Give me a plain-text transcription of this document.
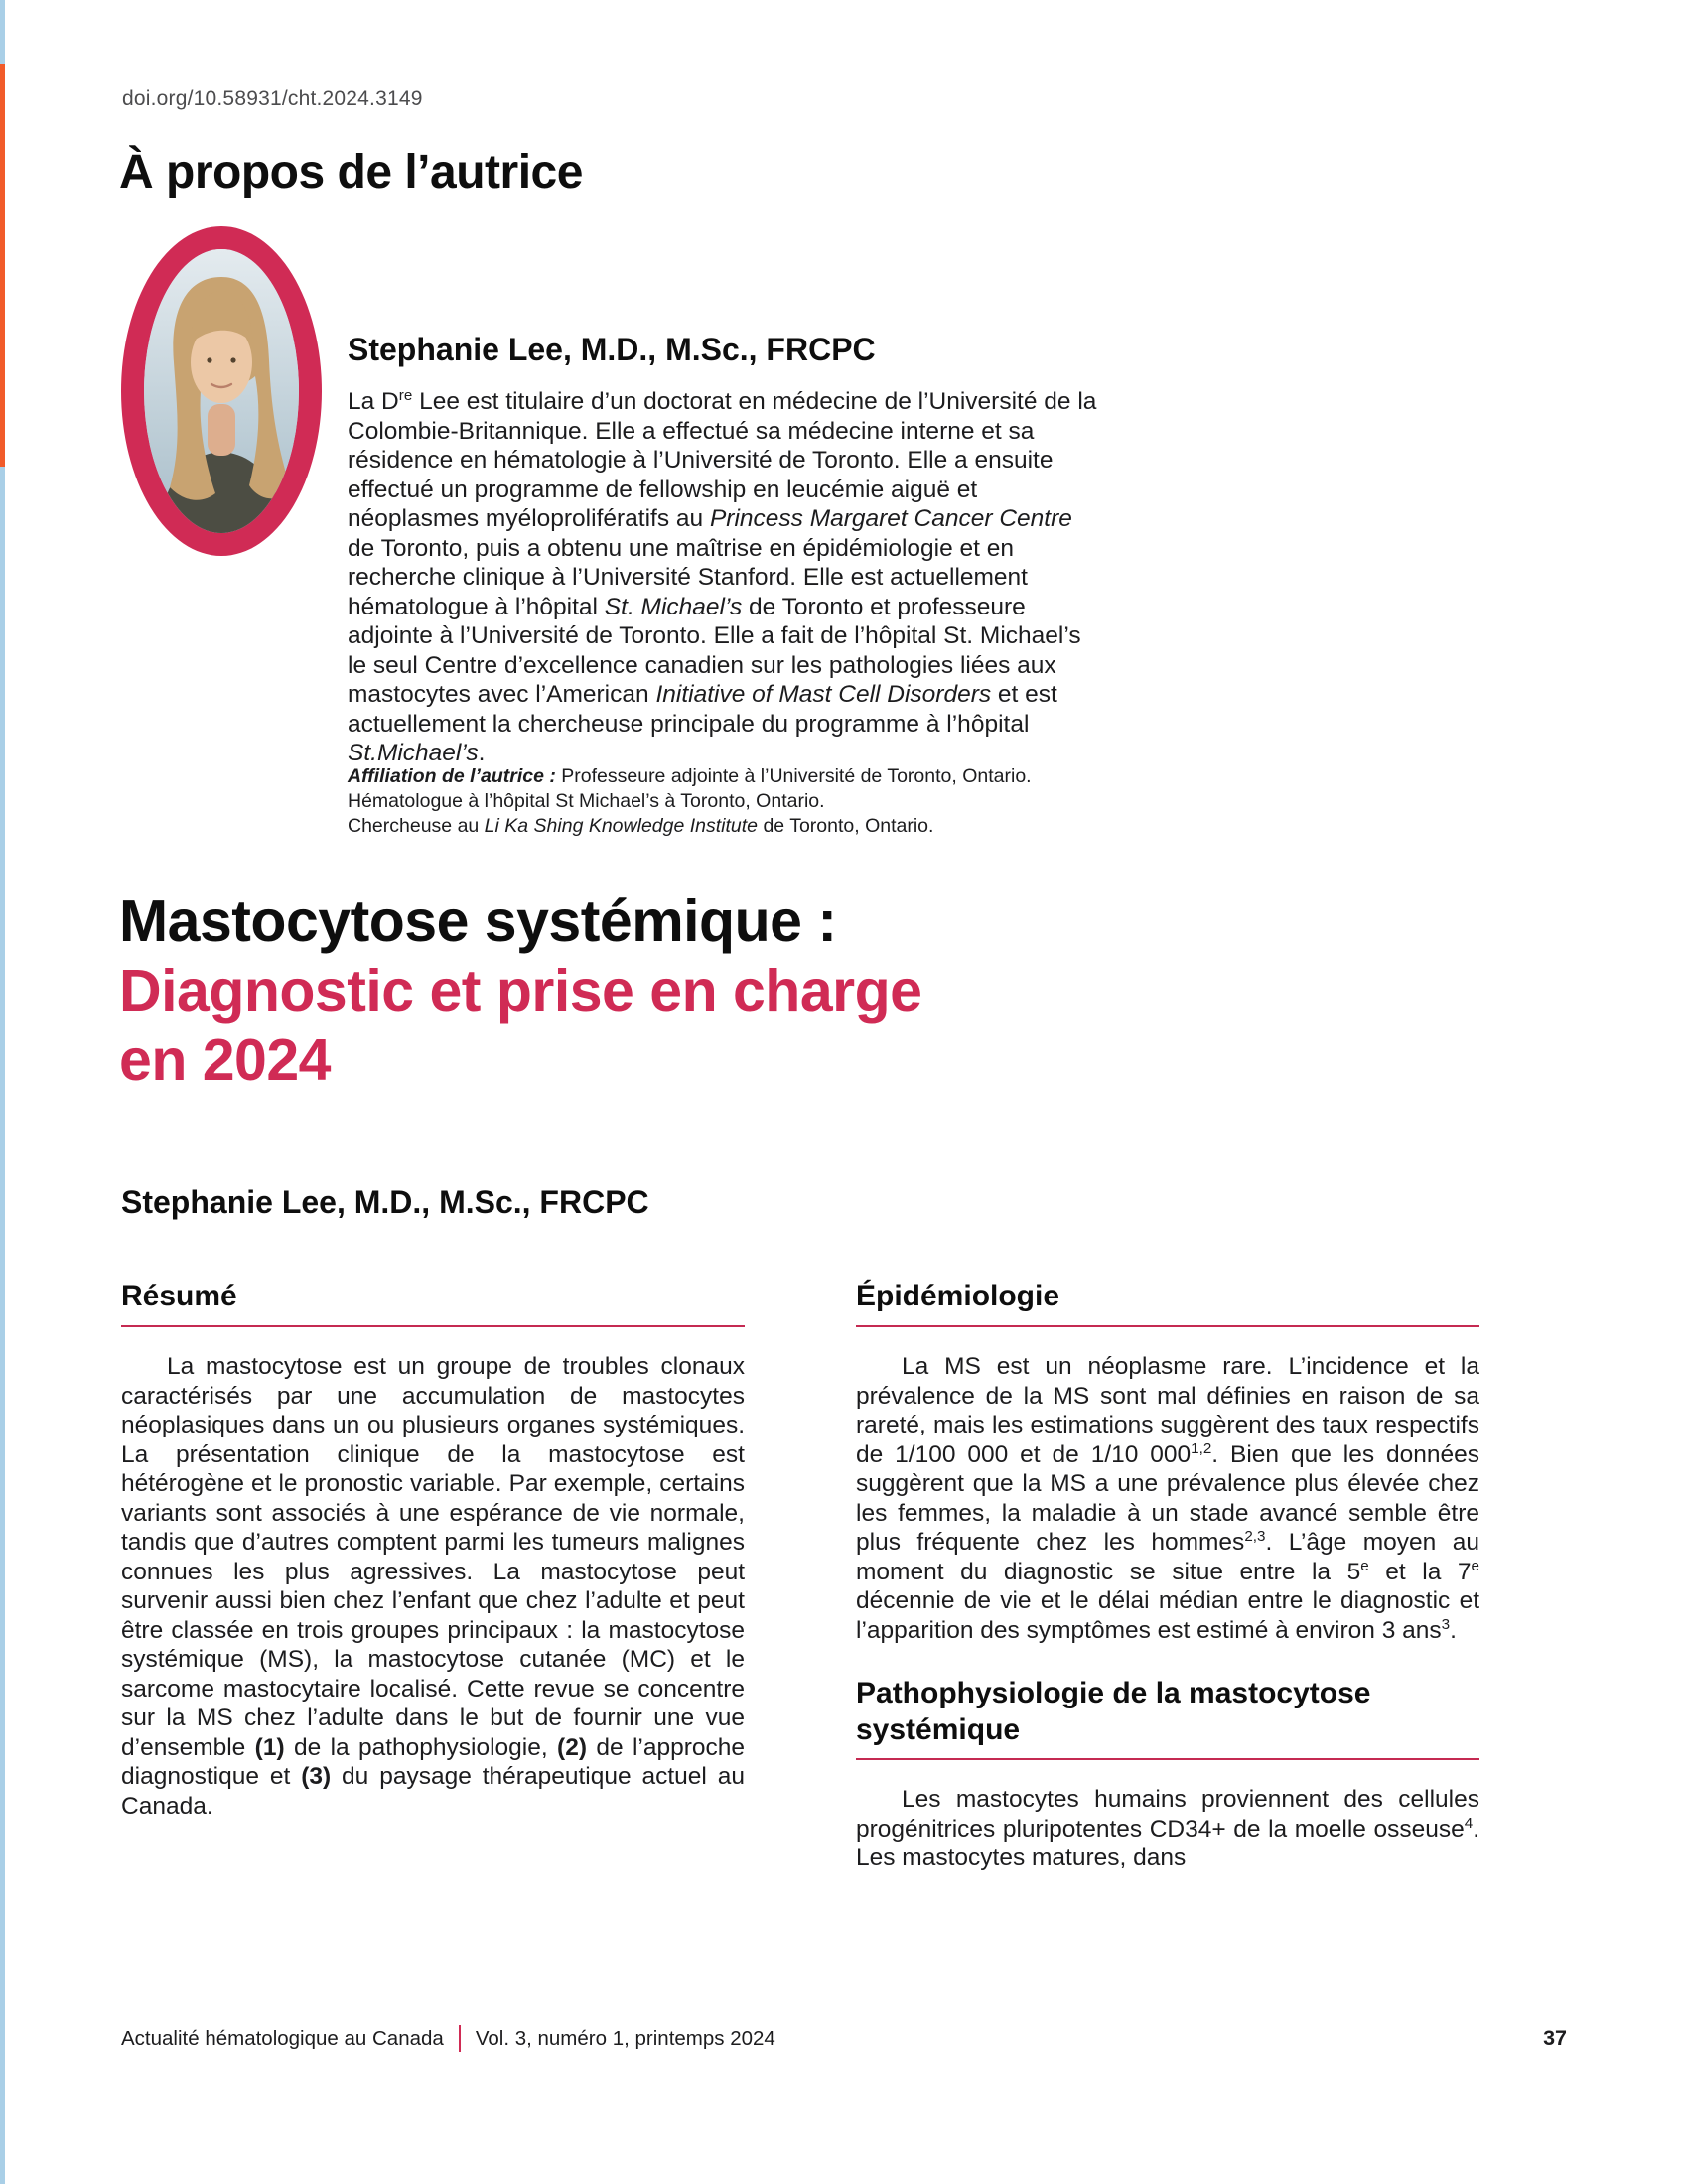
doi.org/10.58931/cht.2024.3149
À propos de l’autrice
Stephanie Lee, M.D., M.Sc., FRCPC
La Dre Lee est titulaire d’un doctorat en médecine de l’Université de la Colombie-Britannique. Elle a effectué sa médecine interne et sa résidence en hématologie à l’Université de Toronto. Elle a ensuite effectué un programme de fellowship en leucémie aiguë et néoplasmes myéloprolifératifs au Princess Margaret Cancer Centre de Toronto, puis a obtenu une maîtrise en épidémiologie et en recherche clinique à l’Université Stanford. Elle est actuellement hématologue à l’hôpital St. Michael’s de Toronto et professeure adjointe à l’Université de Toronto. Elle a fait de l’hôpital St. Michael’s le seul Centre d’excellence canadien sur les pathologies liées aux mastocytes avec l’American Initiative of Mast Cell Disorders et est actuellement la chercheuse principale du programme à l’hôpital St.Michael’s.
Affiliation de l’autrice : Professeure adjointe à l’Université de Toronto, Ontario.
Hématologue à l’hôpital St Michael’s à Toronto, Ontario.
Chercheuse au Li Ka Shing Knowledge Institute de Toronto, Ontario.
Mastocytose systémique :
Diagnostic et prise en charge
en 2024
Stephanie Lee, M.D., M.Sc., FRCPC
Résumé

La mastocytose est un groupe de troubles clonaux caractérisés par une accumulation de mastocytes néoplasiques dans un ou plusieurs organes systémiques. La présentation clinique de la mastocytose est hétérogène et le pronostic variable. Par exemple, certains variants sont associés à une espérance de vie normale, tandis que d’autres comptent parmi les tumeurs malignes connues les plus agressives. La mastocytose peut survenir aussi bien chez l’enfant que chez l’adulte et peut être classée en trois groupes principaux : la mastocytose systémique (MS), la mastocytose cutanée (MC) et le sarcome mastocytaire localisé. Cette revue se concentre sur la MS chez l’adulte dans le but de fournir une vue d’ensemble (1) de la pathophysiologie, (2) de l’approche diagnostique et (3) du paysage thérapeutique actuel au Canada.

Épidémiologie

La MS est un néoplasme rare. L’incidence et la prévalence de la MS sont mal définies en raison de sa rareté, mais les estimations suggèrent des taux respectifs de 1/100 000 et de 1/10 000$^{1,2}$. Bien que les données suggèrent que la MS a une prévalence plus élevée chez les femmes, la maladie à un stade avancé semble être plus fréquente chez les hommes$^{2,3}$. L’âge moyen au moment du diagnostic se situe entre la 5e et la 7e décennie de vie et le délai médian entre le diagnostic et l’apparition des symptômes est estimé à environ 3 ans$^3$.

Pathophysiologie de la mastocytose systémique

Les mastocytes humains proviennent des cellules progénitrices pluripotentes CD34+ de la moelle osseuse$^4$. Les mastocytes matures, dans

Actualité hématologique au Canada Vol. 3, numéro 1, printemps 2024	37
